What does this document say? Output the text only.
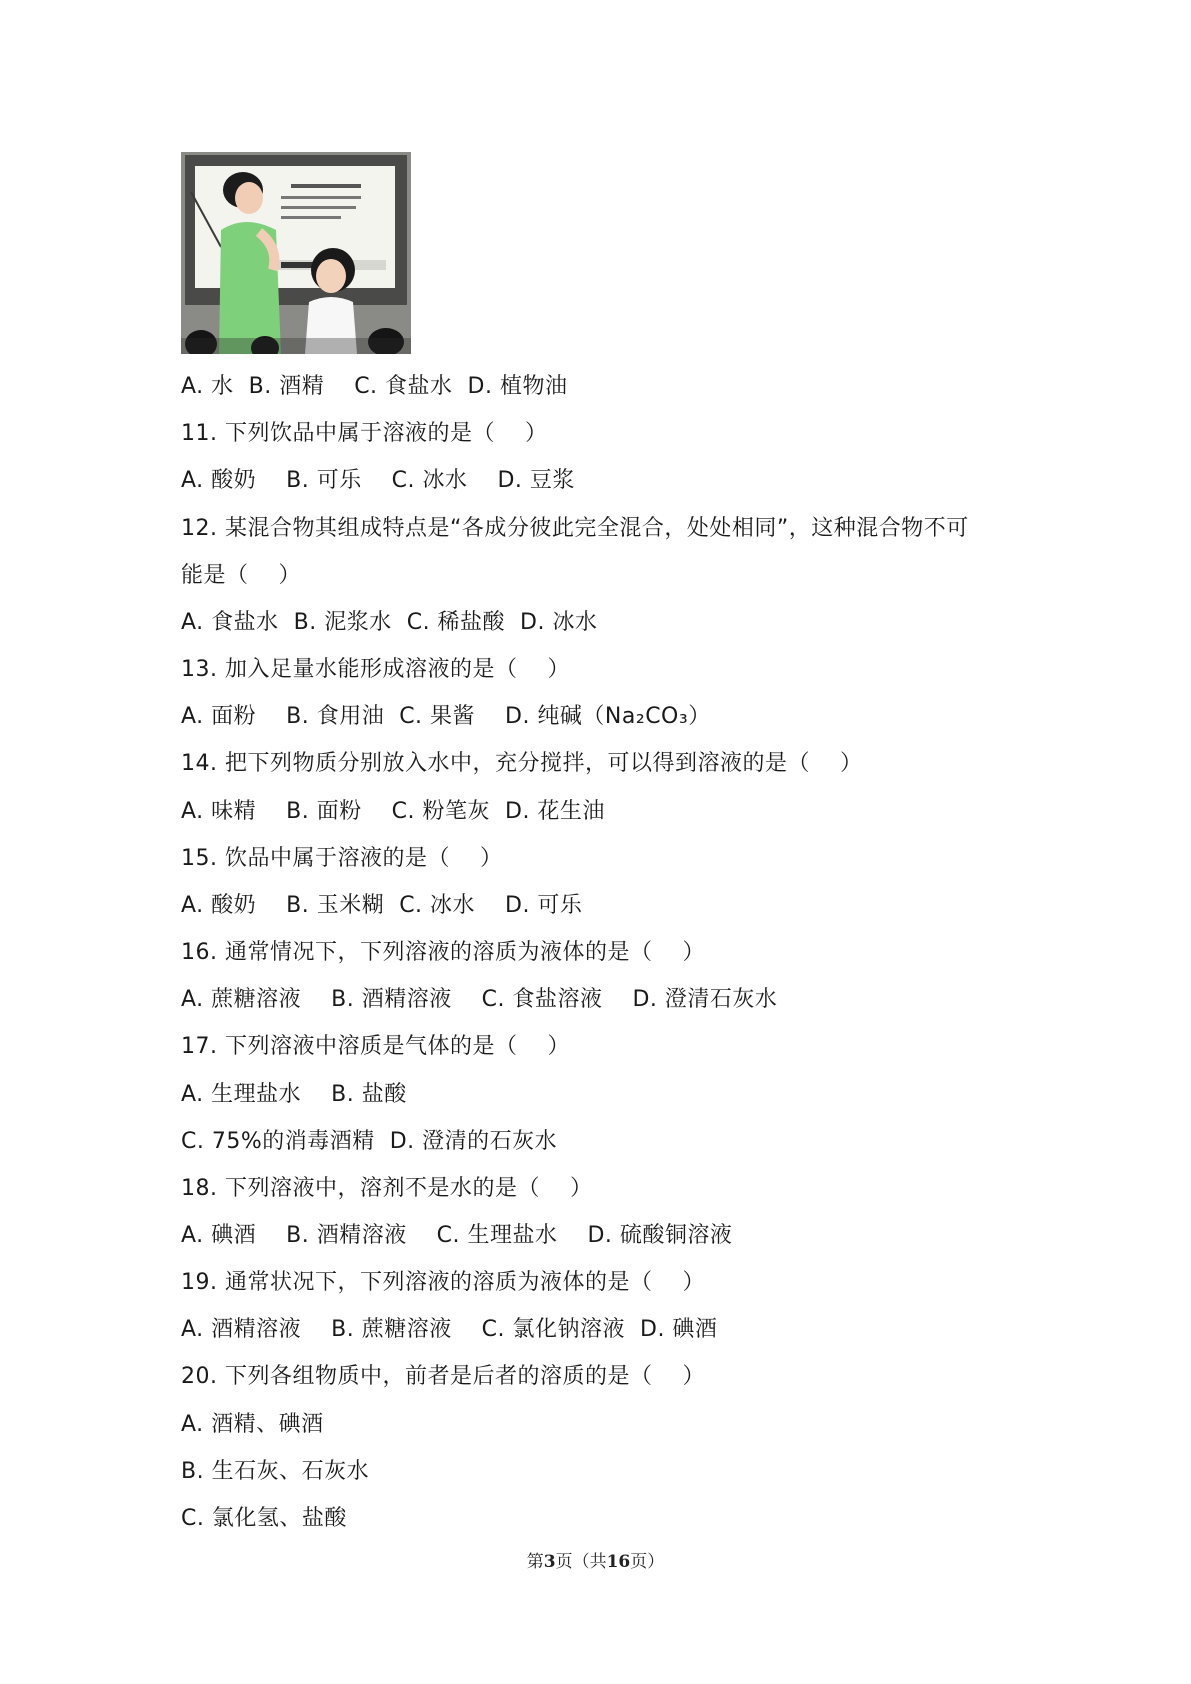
A. 水  B. 酒精    C. 食盐水  D. 植物油
11. 下列饮品中属于溶液的是（    ）
A. 酸奶    B. 可乐    C. 冰水    D. 豆浆
12. 某混合物其组成特点是“各成分彼此完全混合，处处相同”，这种混合物不可
能是（    ）
A. 食盐水  B. 泥浆水  C. 稀盐酸  D. 冰水
13. 加入足量水能形成溶液的是（    ）
A. 面粉    B. 食用油  C. 果酱    D. 纯碱（Na₂CO₃）
14. 把下列物质分别放入水中，充分搅拌，可以得到溶液的是（    ）
A. 味精    B. 面粉    C. 粉笔灰  D. 花生油
15. 饮品中属于溶液的是（    ）
A. 酸奶    B. 玉米糊  C. 冰水    D. 可乐
16. 通常情况下，下列溶液的溶质为液体的是（    ）
A. 蔗糖溶液    B. 酒精溶液    C. 食盐溶液    D. 澄清石灰水
17. 下列溶液中溶质是气体的是（    ）
A. 生理盐水    B. 盐酸
C. 75%的消毒酒精  D. 澄清的石灰水
18. 下列溶液中，溶剂不是水的是（    ）
A. 碘酒    B. 酒精溶液    C. 生理盐水    D. 硫酸铜溶液
19. 通常状况下，下列溶液的溶质为液体的是（    ）
A. 酒精溶液    B. 蔗糖溶液    C. 氯化钠溶液  D. 碘酒
20. 下列各组物质中，前者是后者的溶质的是（    ）
A. 酒精、碘酒
B. 生石灰、石灰水
C. 氯化氢、盐酸
第3页（共16页）
